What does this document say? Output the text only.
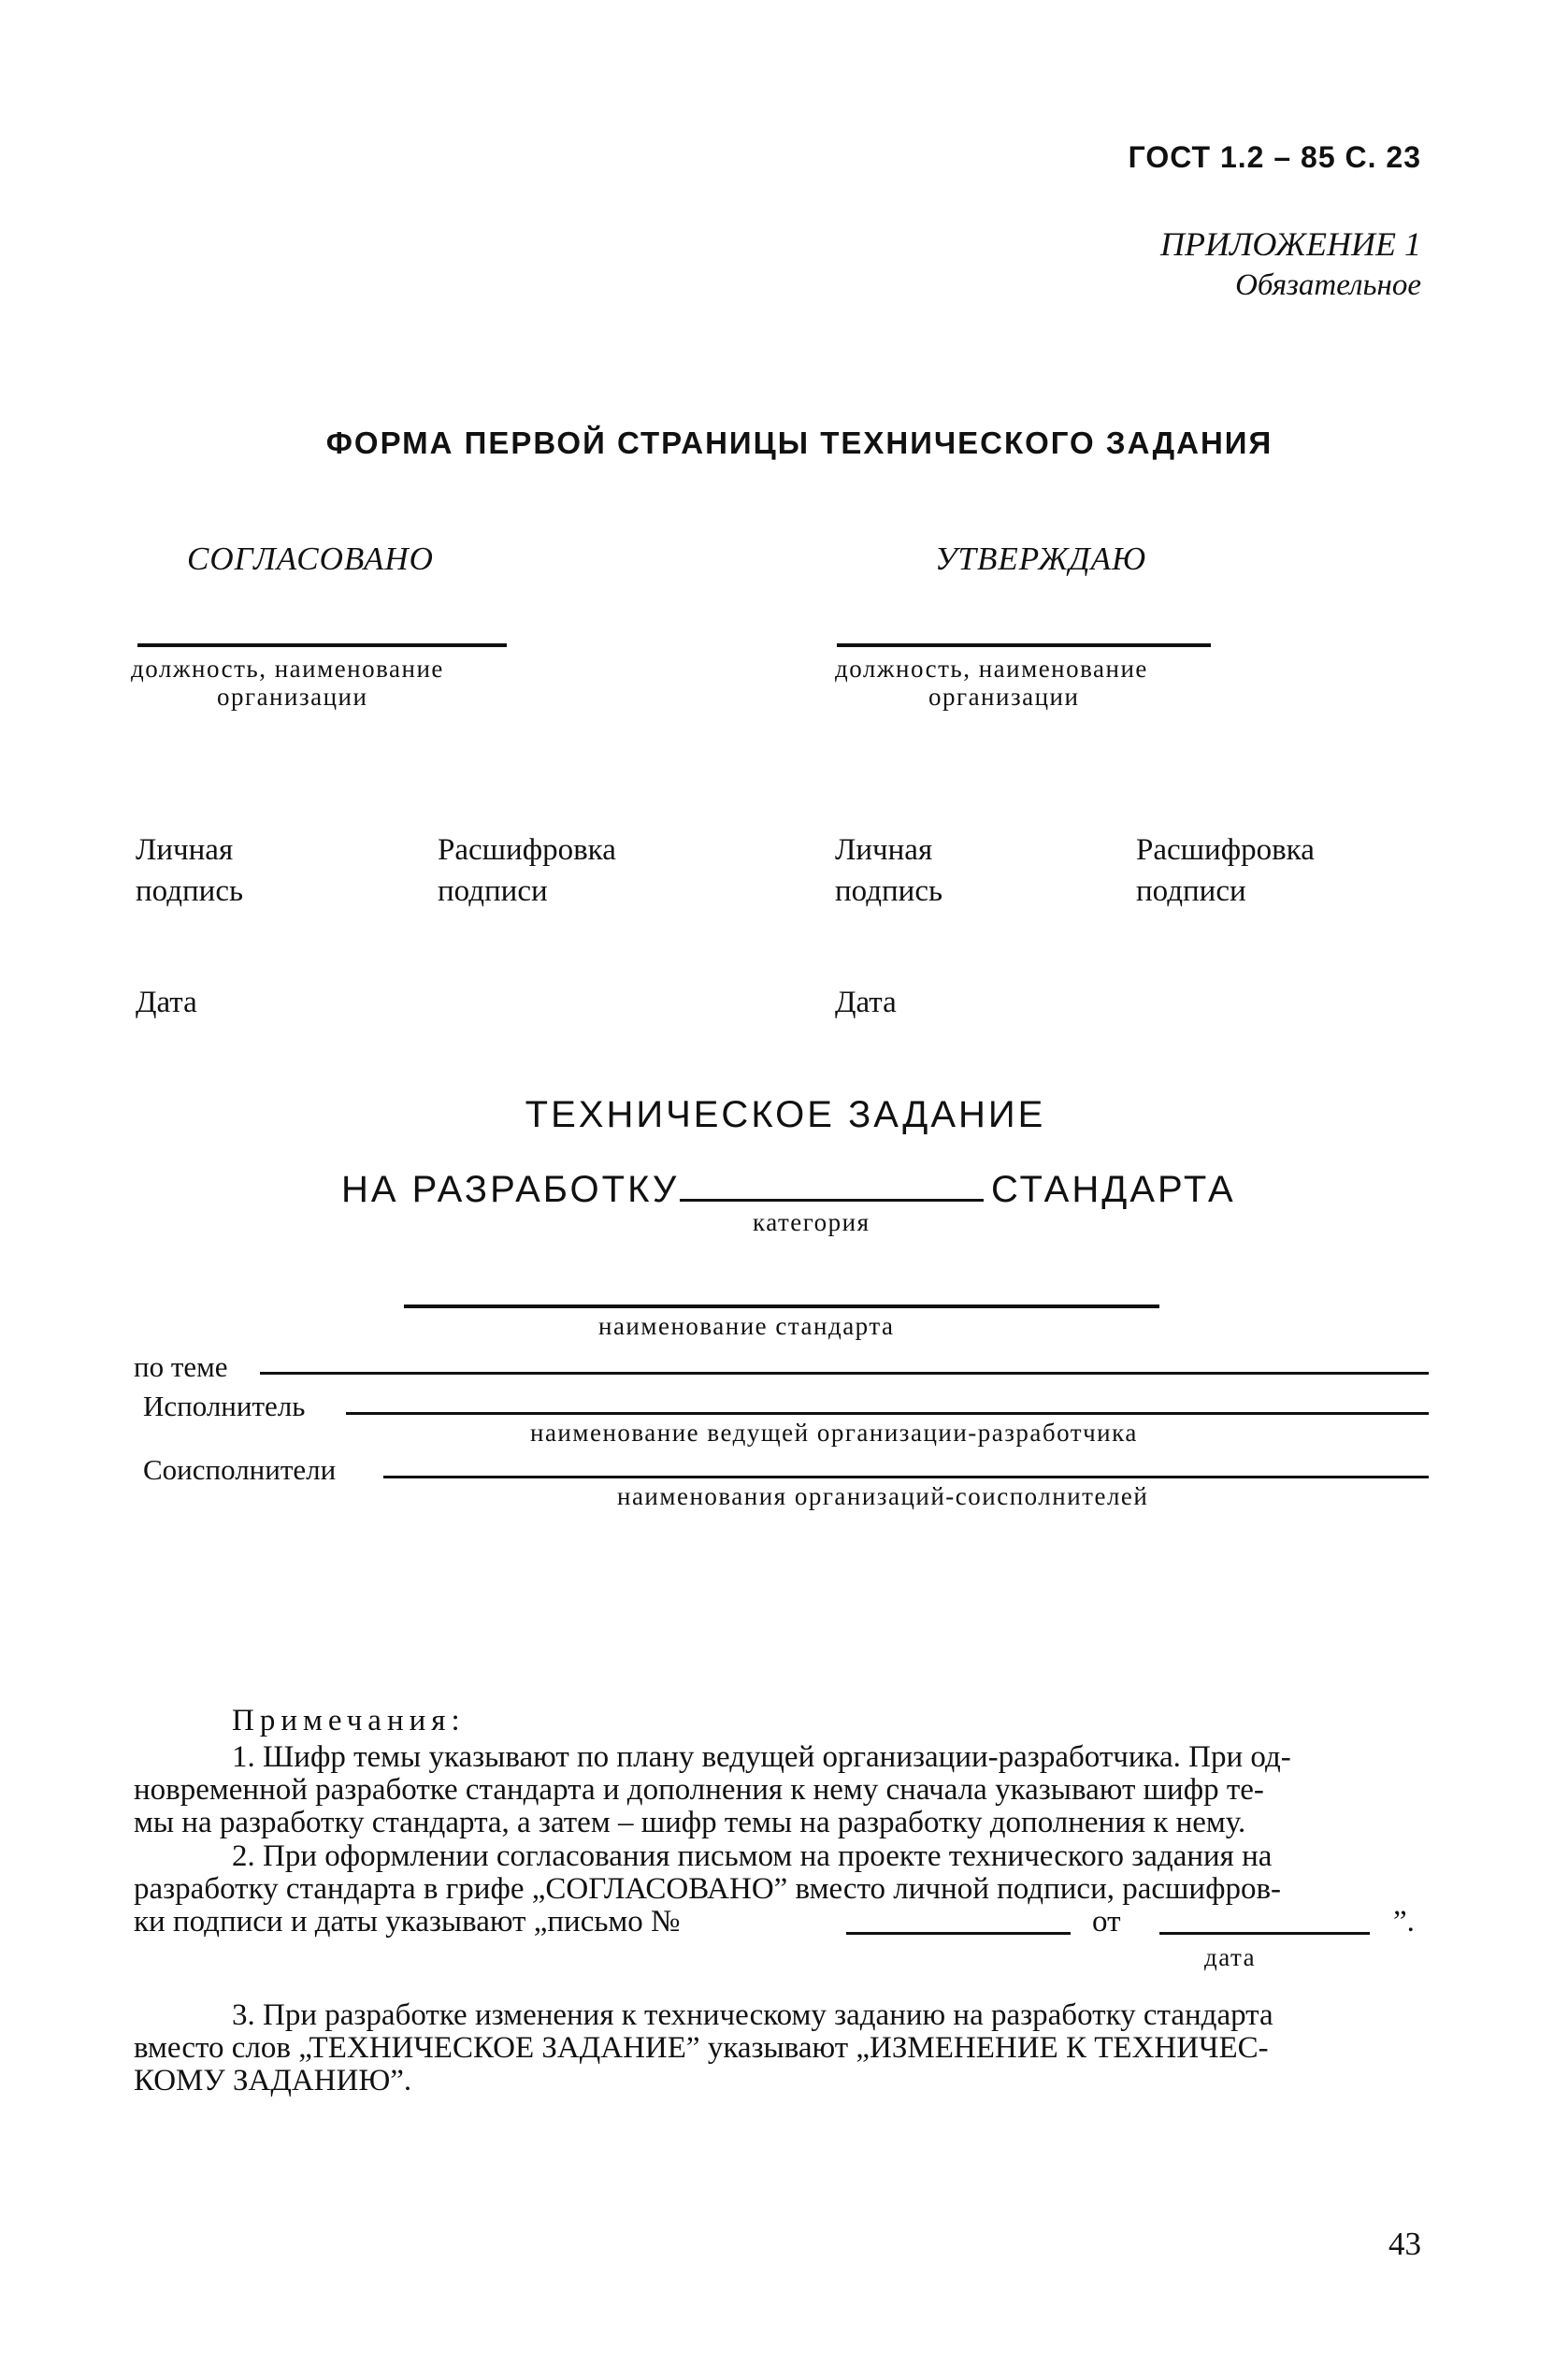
ГОСТ 1.2 – 85 С. 23
ПРИЛОЖЕНИЕ 1
Обязательное
ФОРМА ПЕРВОЙ СТРАНИЦЫ ТЕХНИЧЕСКОГО ЗАДАНИЯ
СОГЛАСОВАНО
должность, наименование
организации
Личная
подпись
Расшифровка
подписи
Дата
УТВЕРЖДАЮ
должность, наименование
организации
Личная
подпись
Расшифровка
подписи
Дата
ТЕХНИЧЕСКОЕ ЗАДАНИЕ
НА РАЗРАБОТКУ	СТАНДАРТА
категория
наименование стандарта
по теме
Исполнитель
наименование ведущей организации-разработчика
Соисполнители
наименования организаций-соисполнителей
Примечания:
1. Шифр темы указывают по плану ведущей организации-разработчика. При од-
новременной разработке стандарта и дополнения к нему сначала указывают шифр те-
мы на разработку стандарта, а затем – шифр темы на разработку дополнения к нему.
2. При оформлении согласования письмом на проекте технического задания на
разработку стандарта в грифе „СОГЛАСОВАНО” вместо личной подписи, расшифров-
ки подписи и даты указывают „письмо №	от	”.
дата
3. При разработке изменения к техническому заданию на разработку стандарта
вместо слов „ТЕХНИЧЕСКОЕ ЗАДАНИЕ” указывают „ИЗМЕНЕНИЕ К ТЕХНИЧЕС-
КОМУ ЗАДАНИЮ”.
43
